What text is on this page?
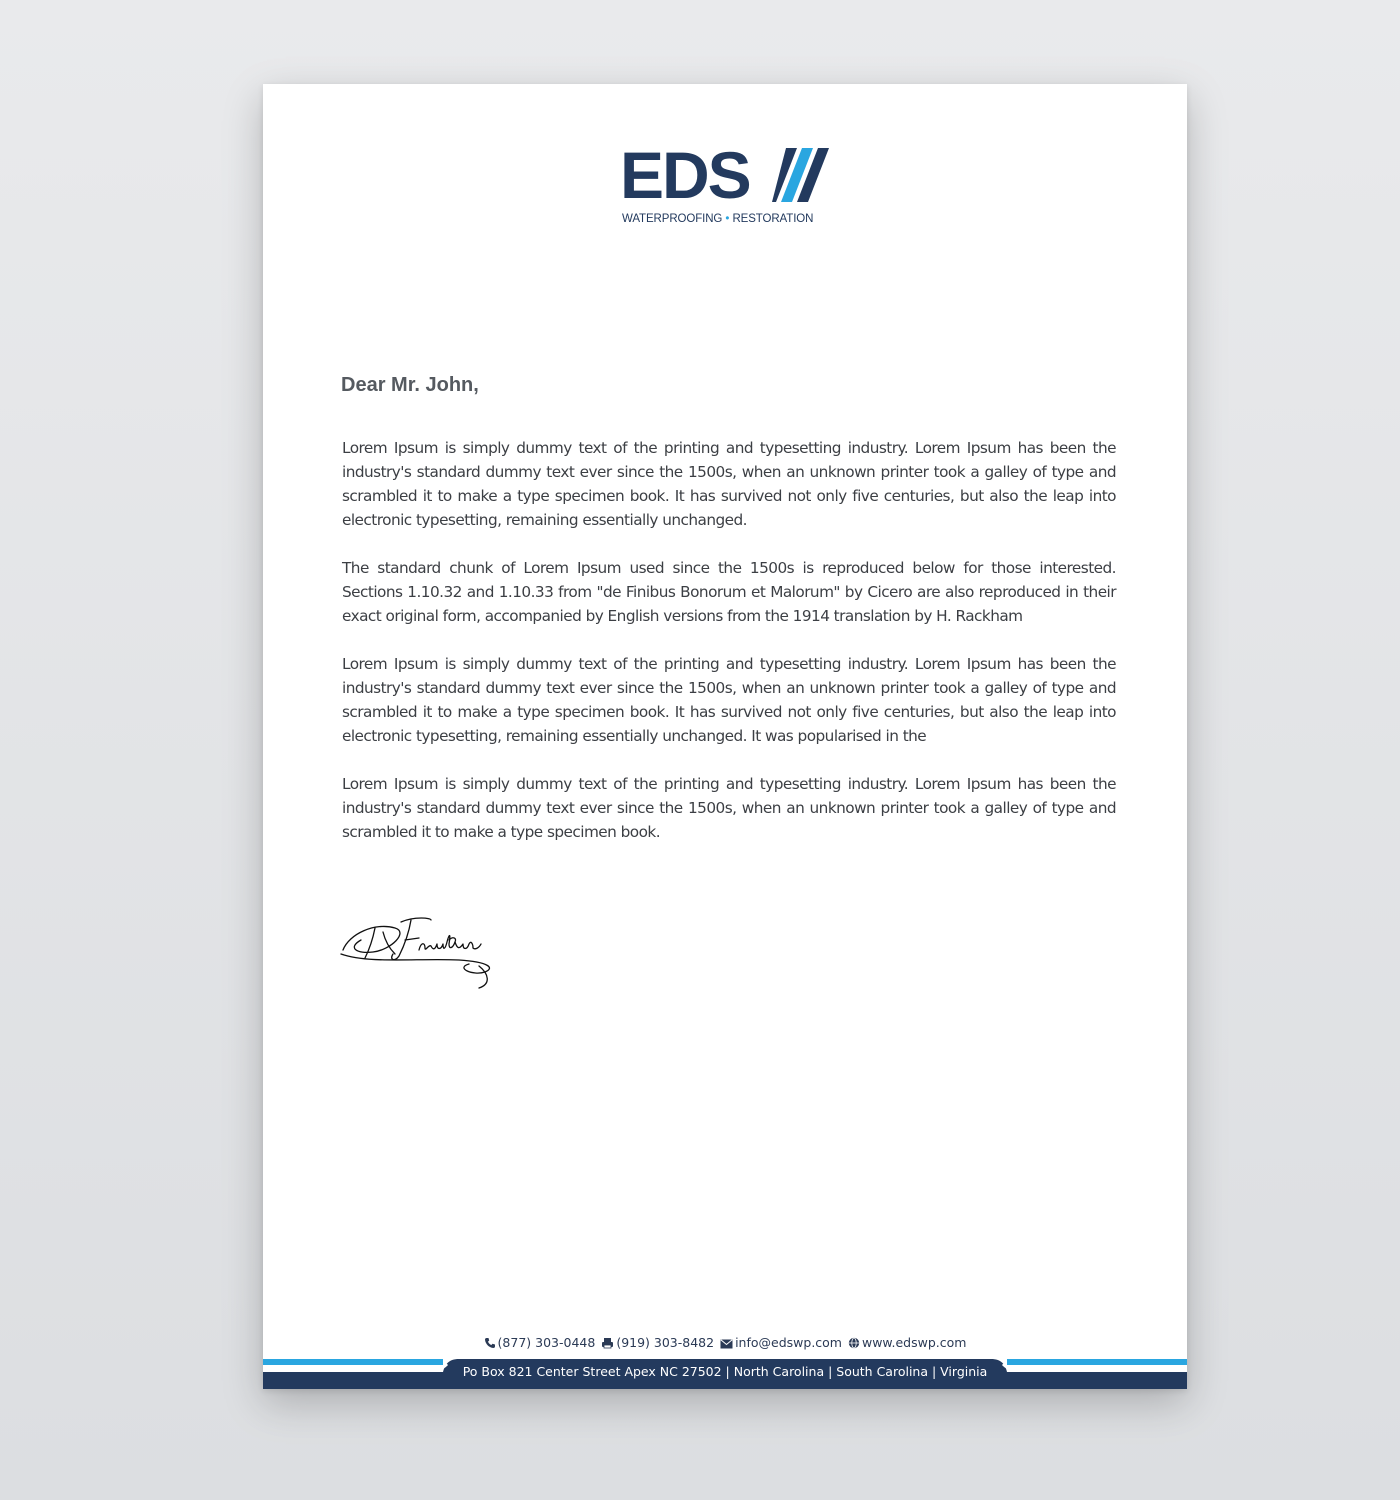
EDS
WATERPROOFING • RESTORATION
Dear Mr. John,

Lorem Ipsum is simply dummy text of the printing and typesetting industry. Lorem Ipsum has been the industry's standard dummy text ever since the 1500s, when an unknown printer took a galley of type and scrambled it to make a type specimen book. It has survived not only five centuries, but also the leap into electronic typesetting, remaining essentially unchanged.

The standard chunk of Lorem Ipsum used since the 1500s is reproduced below for those interested. Sections 1.10.32 and 1.10.33 from "de Finibus Bonorum et Malorum" by Cicero are also reproduced in their exact original form, accompanied by English versions from the 1914 translation by H. Rackham

Lorem Ipsum is simply dummy text of the printing and typesetting industry. Lorem Ipsum has been the industry's standard dummy text ever since the 1500s, when an unknown printer took a galley of type and scrambled it to make a type specimen book. It has survived not only five centuries, but also the leap into electronic typesetting, remaining essentially unchanged. It was popularised in the

Lorem Ipsum is simply dummy text of the printing and typesetting industry. Lorem Ipsum has been the industry's standard dummy text ever since the 1500s, when an unknown printer took a galley of type and scrambled it to make a type specimen book.

(877) 303-0448 (919) 303-8482 info@edswp.com www.edswp.com
Po Box 821 Center Street Apex NC 27502 | North Carolina | South Carolina | Virginia
